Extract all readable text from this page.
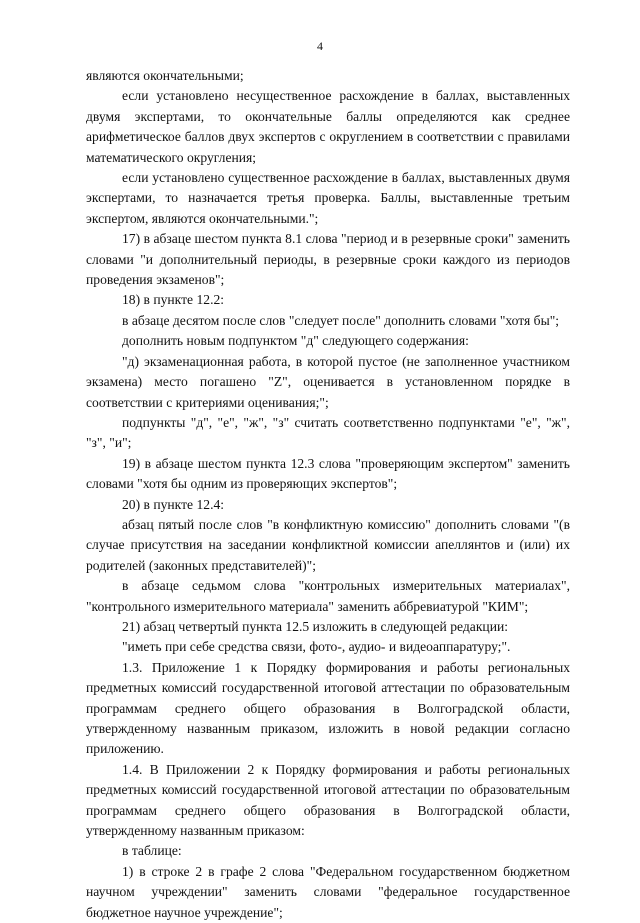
4

являются окончательными;

если установлено несущественное расхождение в баллах, выставленных двумя экспертами, то окончательные баллы определяются как среднее арифметическое баллов двух экспертов с округлением в соответствии с правилами математического округления;

если установлено существенное расхождение в баллах, выставленных двумя экспертами, то назначается третья проверка. Баллы, выставленные третьим экспертом, являются окончательными.";

17) в абзаце шестом пункта 8.1 слова "период и в резервные сроки" заменить словами "и дополнительный периоды, в резервные сроки каждого из периодов проведения экзаменов";

18) в пункте 12.2:

в абзаце десятом после слов "следует после" дополнить словами "хотя бы";

дополнить новым подпунктом "д" следующего содержания:

"д) экзаменационная работа, в которой пустое (не заполненное участником экзамена) место погашено "Z", оценивается в установленном порядке в соответствии с критериями оценивания;";

подпункты "д", "е", "ж", "з" считать соответственно подпунктами "е", "ж", "з", "и";

19) в абзаце шестом пункта 12.3 слова "проверяющим экспертом" заменить словами "хотя бы одним из проверяющих экспертов";

20) в пункте 12.4:

абзац пятый после слов "в конфликтную комиссию" дополнить словами "(в случае присутствия на заседании конфликтной комиссии апеллянтов и (или) их родителей (законных представителей)";

в абзаце седьмом слова "контрольных измерительных материалах", "контрольного измерительного материала" заменить аббревиатурой "КИМ";

21) абзац четвертый пункта 12.5 изложить в следующей редакции:

"иметь при себе средства связи, фото-, аудио- и видеоаппаратуру;".

1.3. Приложение 1 к Порядку формирования и работы региональных предметных комиссий государственной итоговой аттестации по образовательным программам среднего общего образования в Волгоградской области, утвержденному названным приказом, изложить в новой редакции согласно приложению.

1.4. В Приложении 2 к Порядку формирования и работы региональных предметных комиссий государственной итоговой аттестации по образовательным программам среднего общего образования в Волгоградской области, утвержденному названным приказом:

в таблице:

1) в строке 2 в графе 2 слова "Федеральном государственном бюджетном научном учреждении" заменить словами "федеральное государственное бюджетное научное учреждение";
